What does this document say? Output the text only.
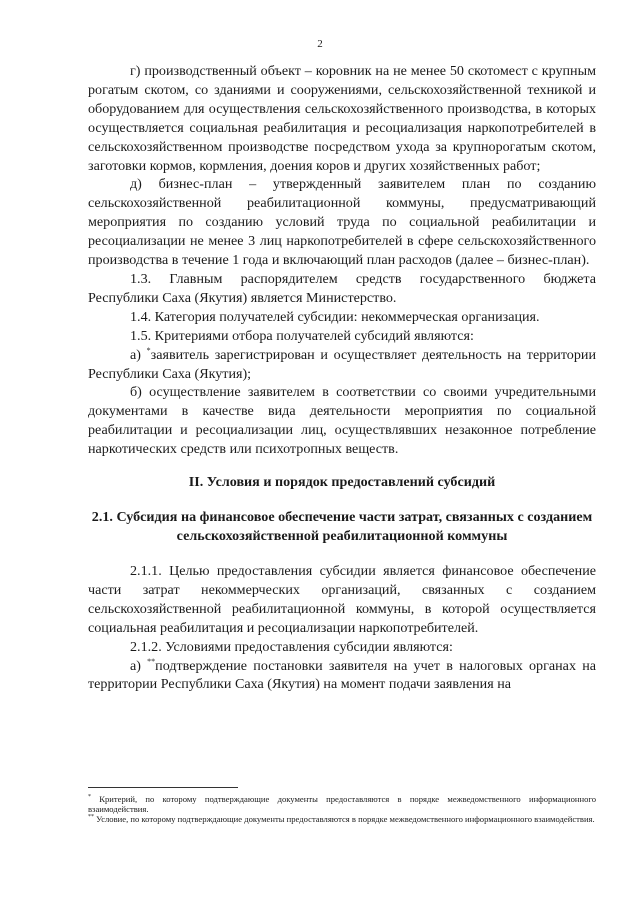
2

г) производственный объект – коровник на не менее 50 скотомест с крупным рогатым скотом, со зданиями и сооружениями, сельскохозяйственной техникой и оборудованием для осуществления сельскохозяйственного производства, в которых осуществляется социальная реабилитация и ресоциализация наркопотребителей в сельскохозяйственном производстве посредством ухода за крупнорогатым скотом, заготовки кормов, кормления, доения коров и других хозяйственных работ;

д) бизнес-план – утвержденный заявителем план по созданию сельскохозяйственной реабилитационной коммуны, предусматривающий мероприятия по созданию условий труда по социальной реабилитации и ресоциализации не менее 3 лиц наркопотребителей в сфере сельскохозяйственного производства в течение 1 года и включающий план расходов (далее – бизнес-план).

1.3. Главным распорядителем средств государственного бюджета Республики Саха (Якутия) является Министерство.

1.4. Категория получателей субсидии: некоммерческая организация.

1.5. Критериями отбора получателей субсидий являются:

а) *заявитель зарегистрирован и осуществляет деятельность на территории Республики Саха (Якутия);

б) осуществление заявителем в соответствии со своими учредительными документами в качестве вида деятельности мероприятия по социальной реабилитации и ресоциализации лиц, осуществлявших незаконное потребление наркотических средств или психотропных веществ.

II. Условия и порядок предоставлений субсидий

2.1. Субсидия на финансовое обеспечение части затрат, связанных с созданием сельскохозяйственной реабилитационной коммуны

2.1.1. Целью предоставления субсидии является финансовое обеспечение части затрат некоммерческих организаций, связанных с созданием сельскохозяйственной реабилитационной коммуны, в которой осуществляется социальная реабилитация и ресоциализации наркопотребителей.

2.1.2. Условиями предоставления субсидии являются:

а) **подтверждение постановки заявителя на учет в налоговых органах на территории Республики Саха (Якутия) на момент подачи заявления на

* Критерий, по которому подтверждающие документы предоставляются в порядке межведомственного информационного взаимодействия.

** Условие, по которому подтверждающие документы предоставляются в порядке межведомственного информационного взаимодействия.
